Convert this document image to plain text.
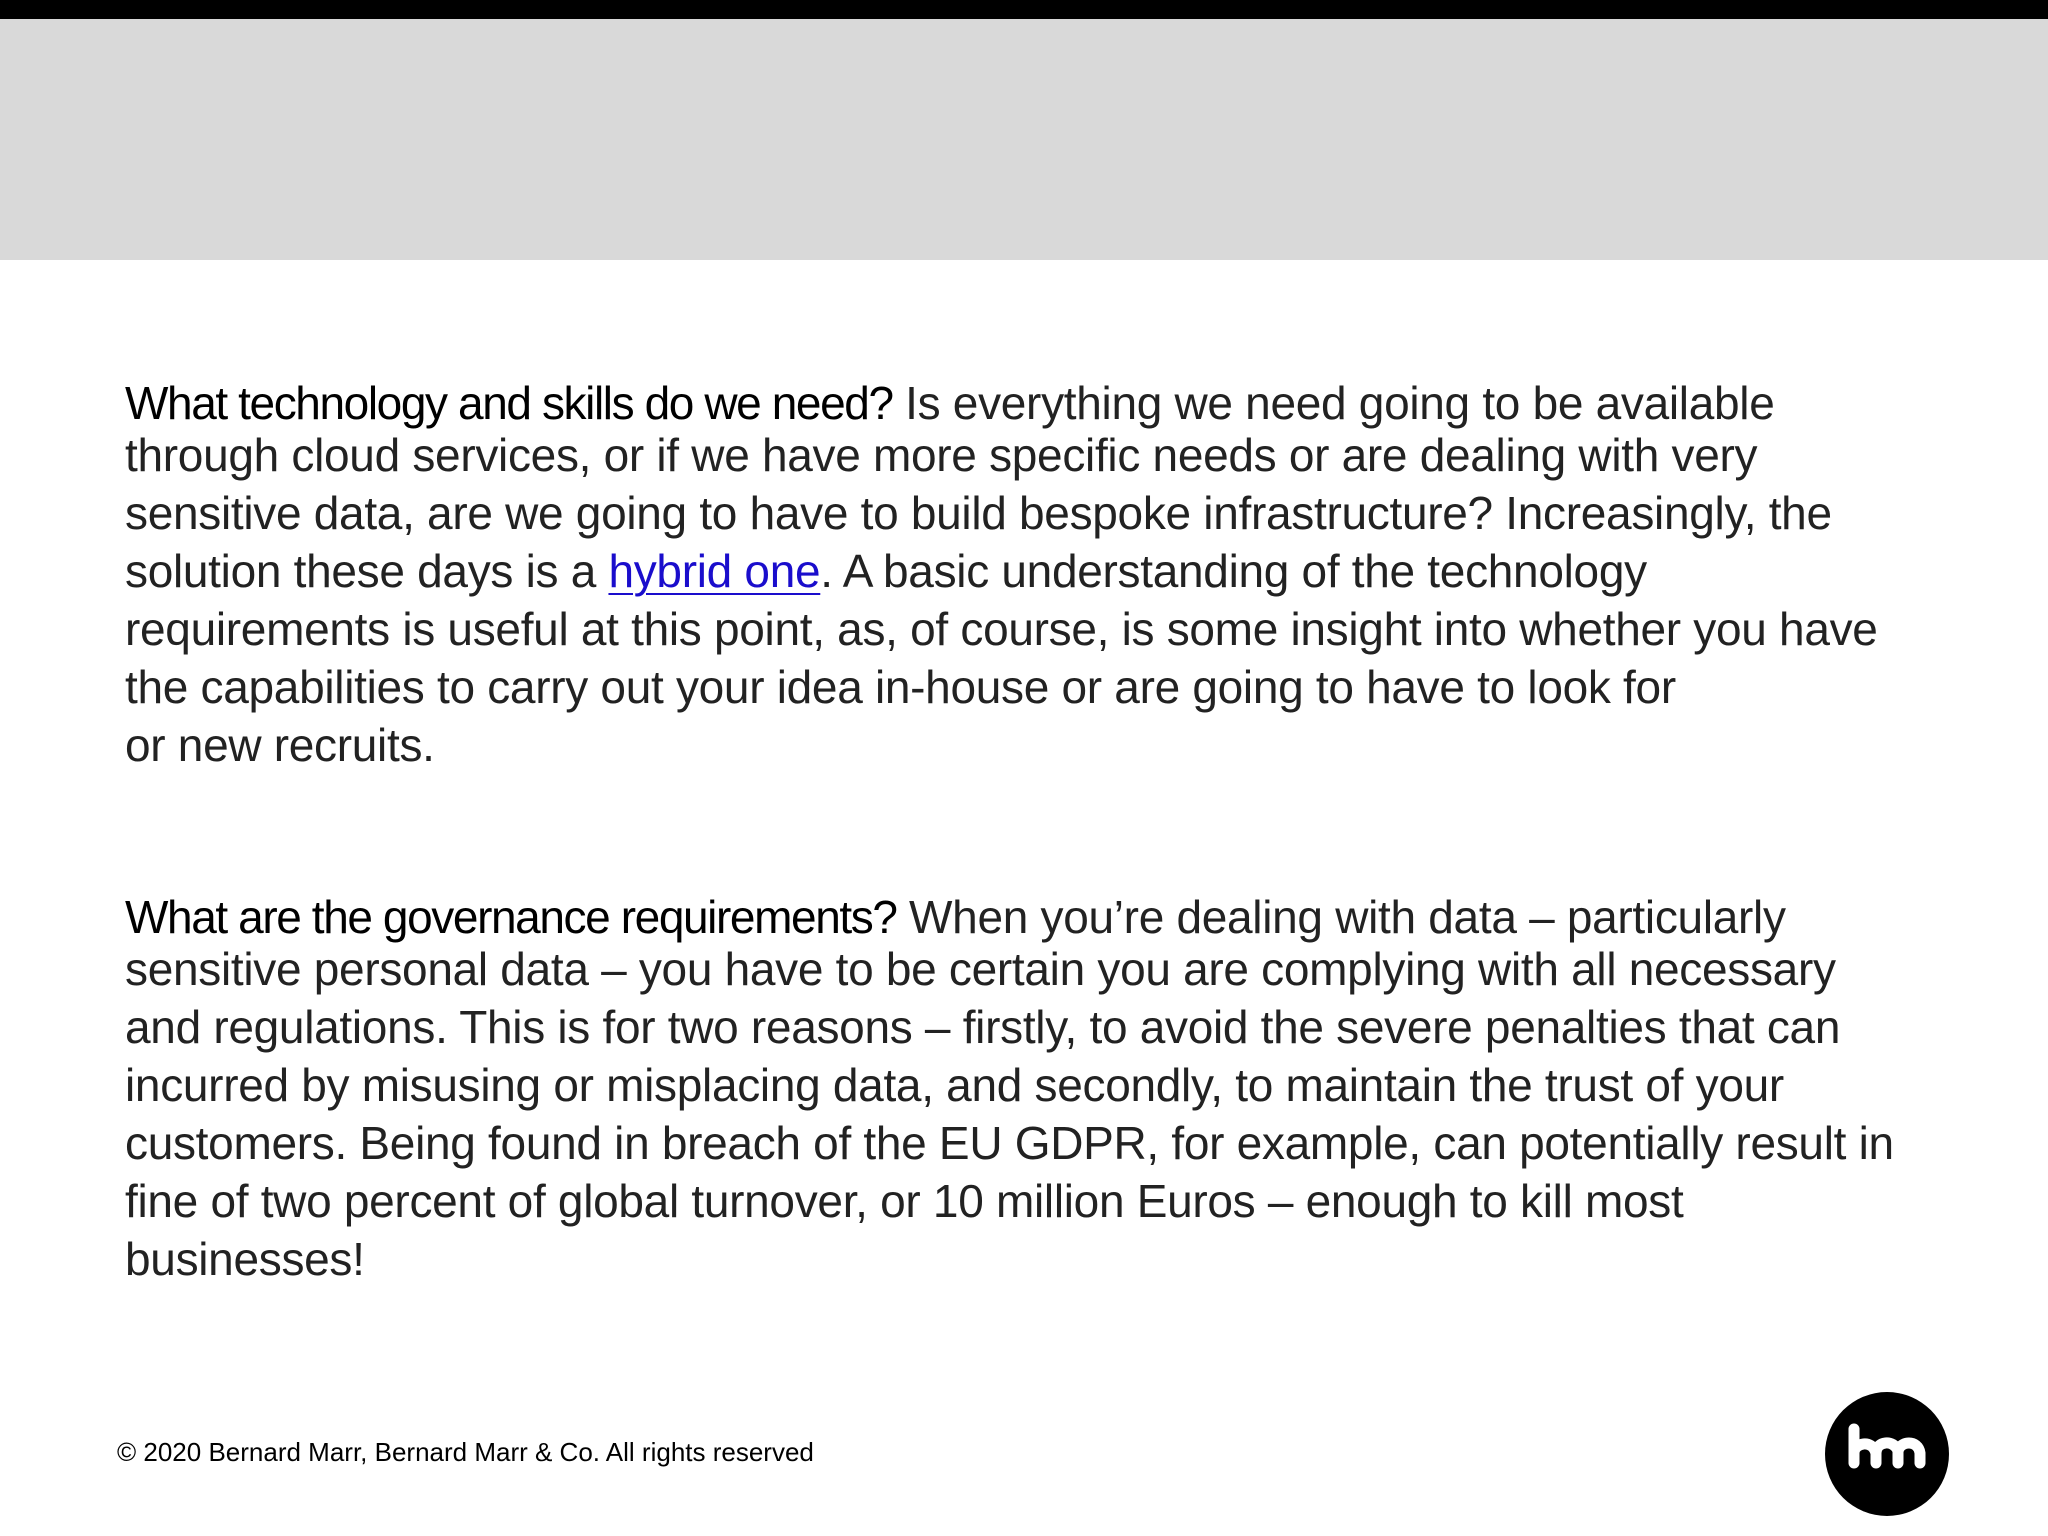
What technology and skills do we need? Is everything we need going to be available
through cloud services, or if we have more specific needs or are dealing with very
sensitive data, are we going to have to build bespoke infrastructure? Increasingly, the
solution these days is a hybrid one. A basic understanding of the technology
requirements is useful at this point, as, of course, is some insight into whether you have
the capabilities to carry out your idea in-house or are going to have to look for
or new recruits.
What are the governance requirements? When you’re dealing with data – particularly
sensitive personal data – you have to be certain you are complying with all necessary
and regulations. This is for two reasons – firstly, to avoid the severe penalties that can
incurred by misusing or misplacing data, and secondly, to maintain the trust of your
customers. Being found in breach of the EU GDPR, for example, can potentially result in
fine of two percent of global turnover, or 10 million Euros – enough to kill most
businesses!
© 2020 Bernard Marr, Bernard Marr & Co. All rights reserved
